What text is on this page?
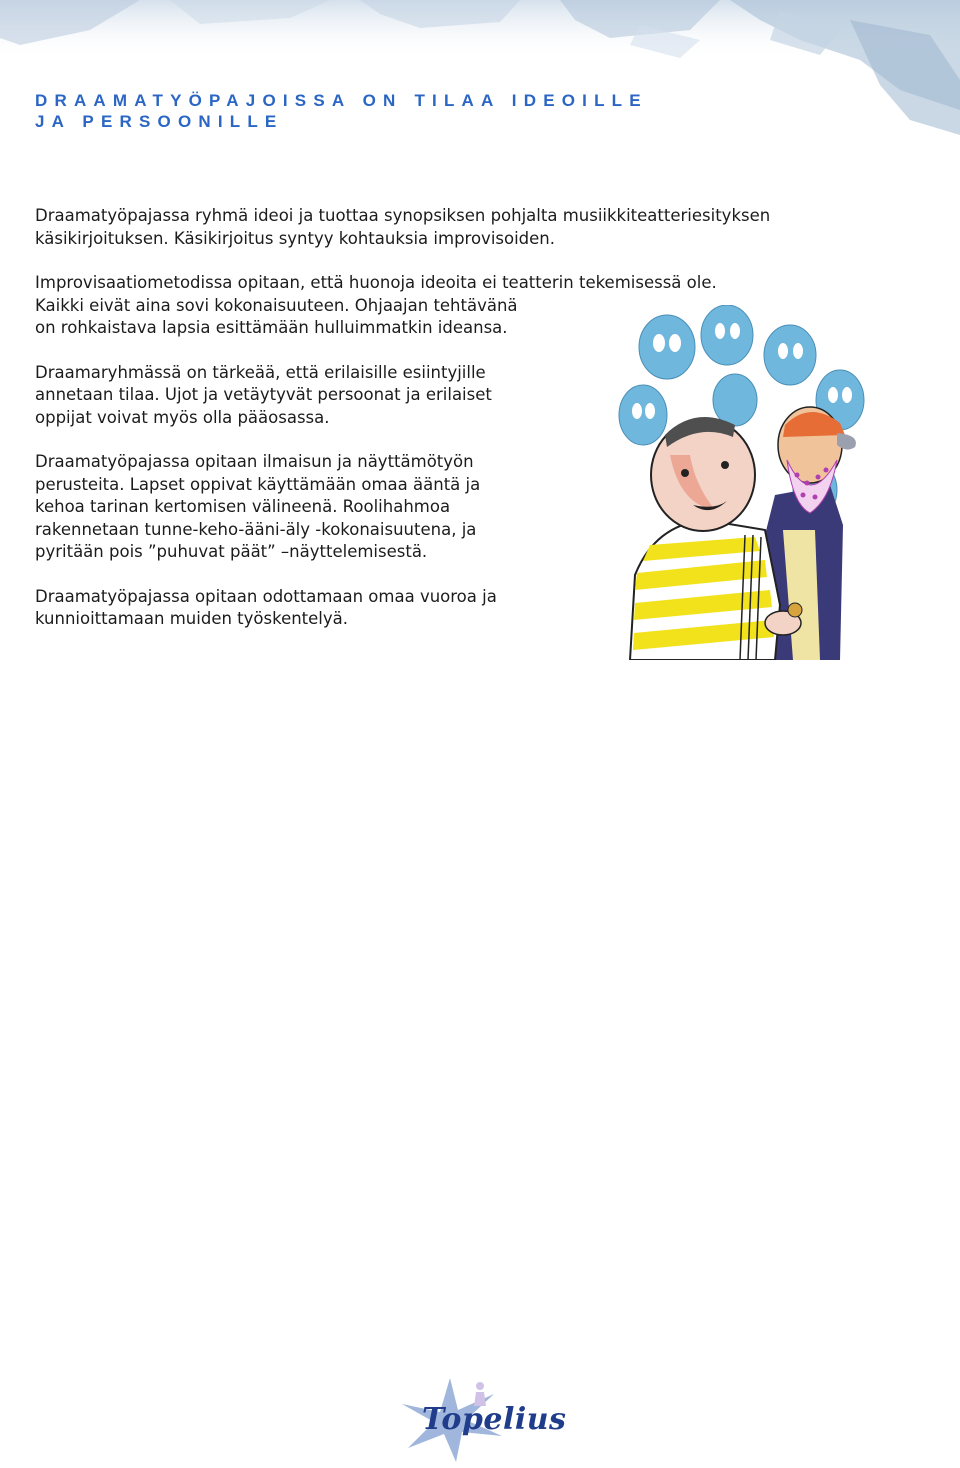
DRAAMATYÖPAJOISSA ON TILAA IDEOILLE
JA PERSOONILLE

Draamatyöpajassa ryhmä ideoi ja tuottaa synopsiksen pohjalta musiikkiteatteriesityksen
käsikirjoituksen. Käsikirjoitus syntyy kohtauksia improvisoiden.

Improvisaatiometodissa opitaan, että huonoja ideoita ei teatterin tekemisessä ole.
Kaikki eivät aina sovi kokonaisuuteen. Ohjaajan tehtävänä
on rohkaistava lapsia esittämään hulluimmatkin ideansa.

Draamaryhmässä on tärkeää, että erilaisille esiintyjille
annetaan tilaa. Ujot ja vetäytyvät persoonat ja erilaiset
oppijat voivat myös olla pääosassa.

Draamatyöpajassa opitaan ilmaisun ja näyttämötyön
perusteita. Lapset oppivat käyttämään omaa ääntä ja
kehoa tarinan kertomisen välineenä. Roolihahmoa
rakennetaan tunne-keho-ääni-äly -kokonaisuutena, ja
pyritään pois ”puhuvat päät” –näyttelemisestä.

Draamatyöpajassa opitaan odottamaan omaa vuoroa ja
kunnioittamaan muiden työskentelyä.

Topelius
